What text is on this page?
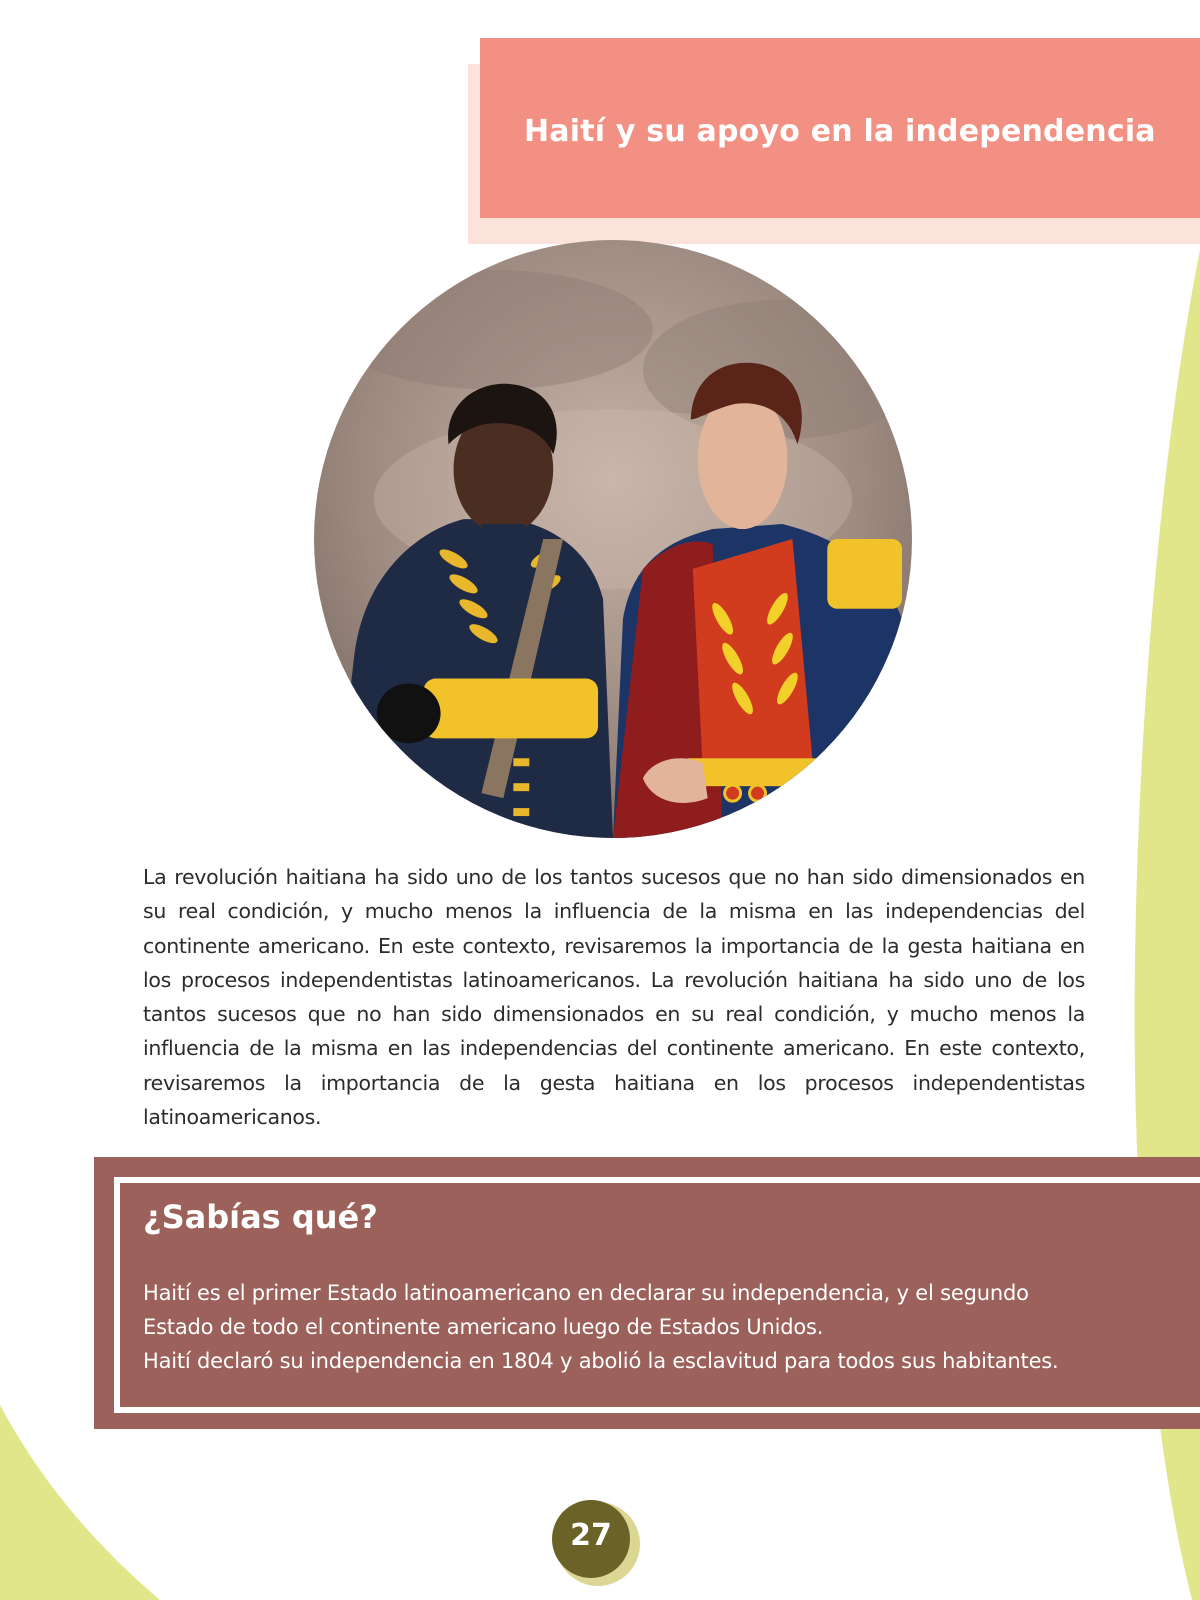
Haití y su apoyo en la independencia

La revolución haitiana ha sido uno de los tantos sucesos que no han sido dimensionados en su real condición, y mucho menos la influencia de la misma en las independencias del continente americano. En este contexto, revisaremos la importancia de la gesta haitiana en los procesos independentistas latinoamericanos. La revolución haitiana ha sido uno de los tantos sucesos que no han sido dimensionados en su real condición, y mucho menos la influencia de la misma en las independencias del continente americano. En este contexto, revisaremos la importancia de la gesta haitiana en los procesos independentistas latinoamericanos.

¿Sabías qué?

Haití es el primer Estado latinoamericano en declarar su independencia, y el segundo Estado de todo el continente americano luego de Estados Unidos.

Haití declaró su independencia en 1804 y abolió la esclavitud para todos sus habitantes.

27
